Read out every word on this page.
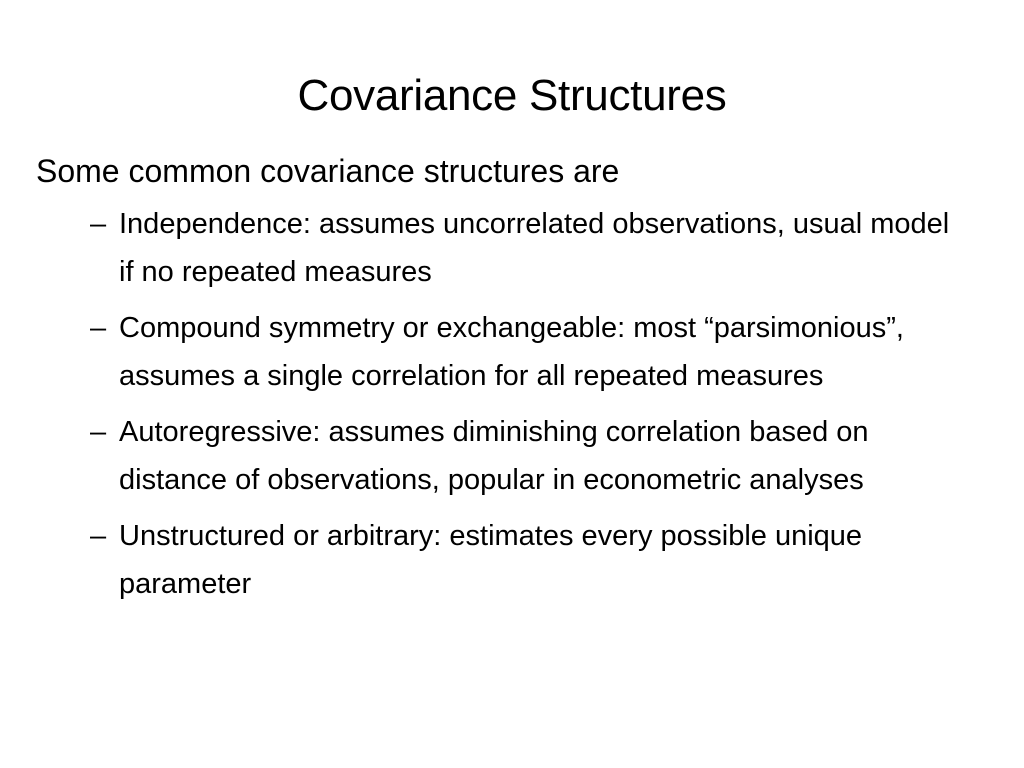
Covariance Structures

Some common covariance structures are

– Independence: assumes uncorrelated observations, usual model if no repeated measures
– Compound symmetry or exchangeable: most “parsimonious”, assumes a single correlation for all repeated measures
– Autoregressive: assumes diminishing correlation based on distance of observations, popular in econometric analyses
– Unstructured or arbitrary: estimates every possible unique parameter
